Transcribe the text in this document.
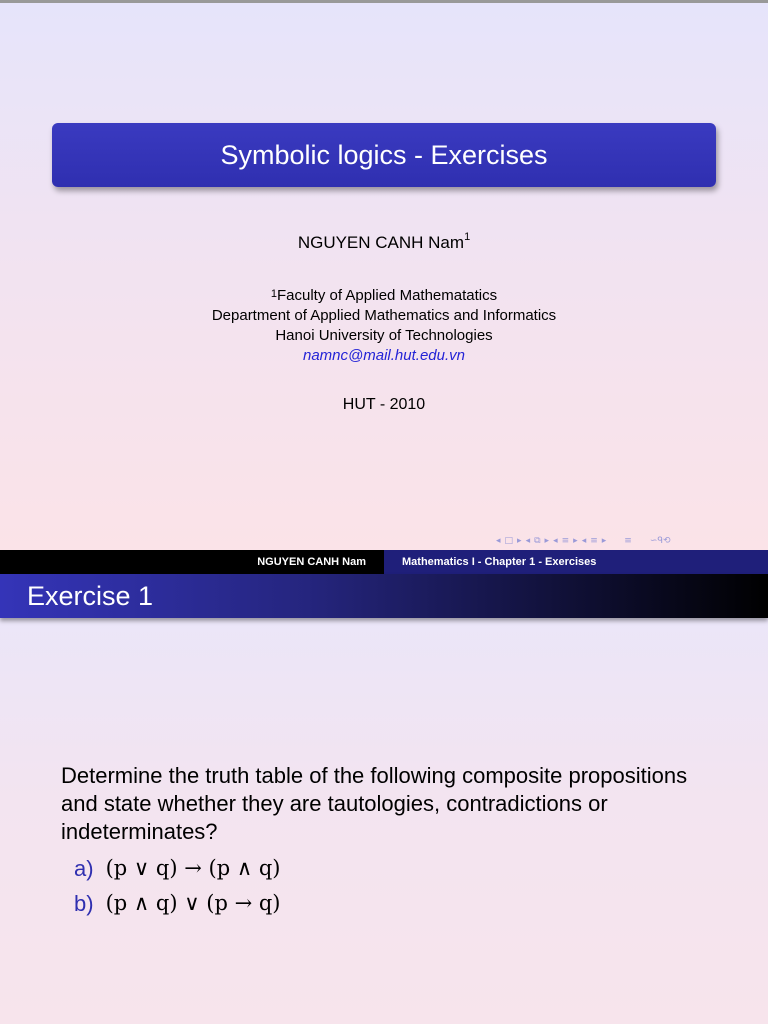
Symbolic logics - Exercises
NGUYEN CANH Nam$^1$
$^1$Faculty of Applied Mathematatics
Department of Applied Mathematics and Informatics
Hanoi University of Technologies
namnc@mail.hut.edu.vn
HUT - 2010
◂ □ ▸ ◂ ⧉ ▸ ◂ ≡ ▸ ◂ ≡ ▸ ≡ ∽ᑫ⟲
NGUYEN CANH Nam	Mathematics I - Chapter 1 - Exercises
Exercise 1
Determine the truth table of the following composite propositions and state whether they are tautologies, contradictions or indeterminates?
a) (p ∨ q) → (p ∧ q)
b) (p ∧ q) ∨ (p → q)
